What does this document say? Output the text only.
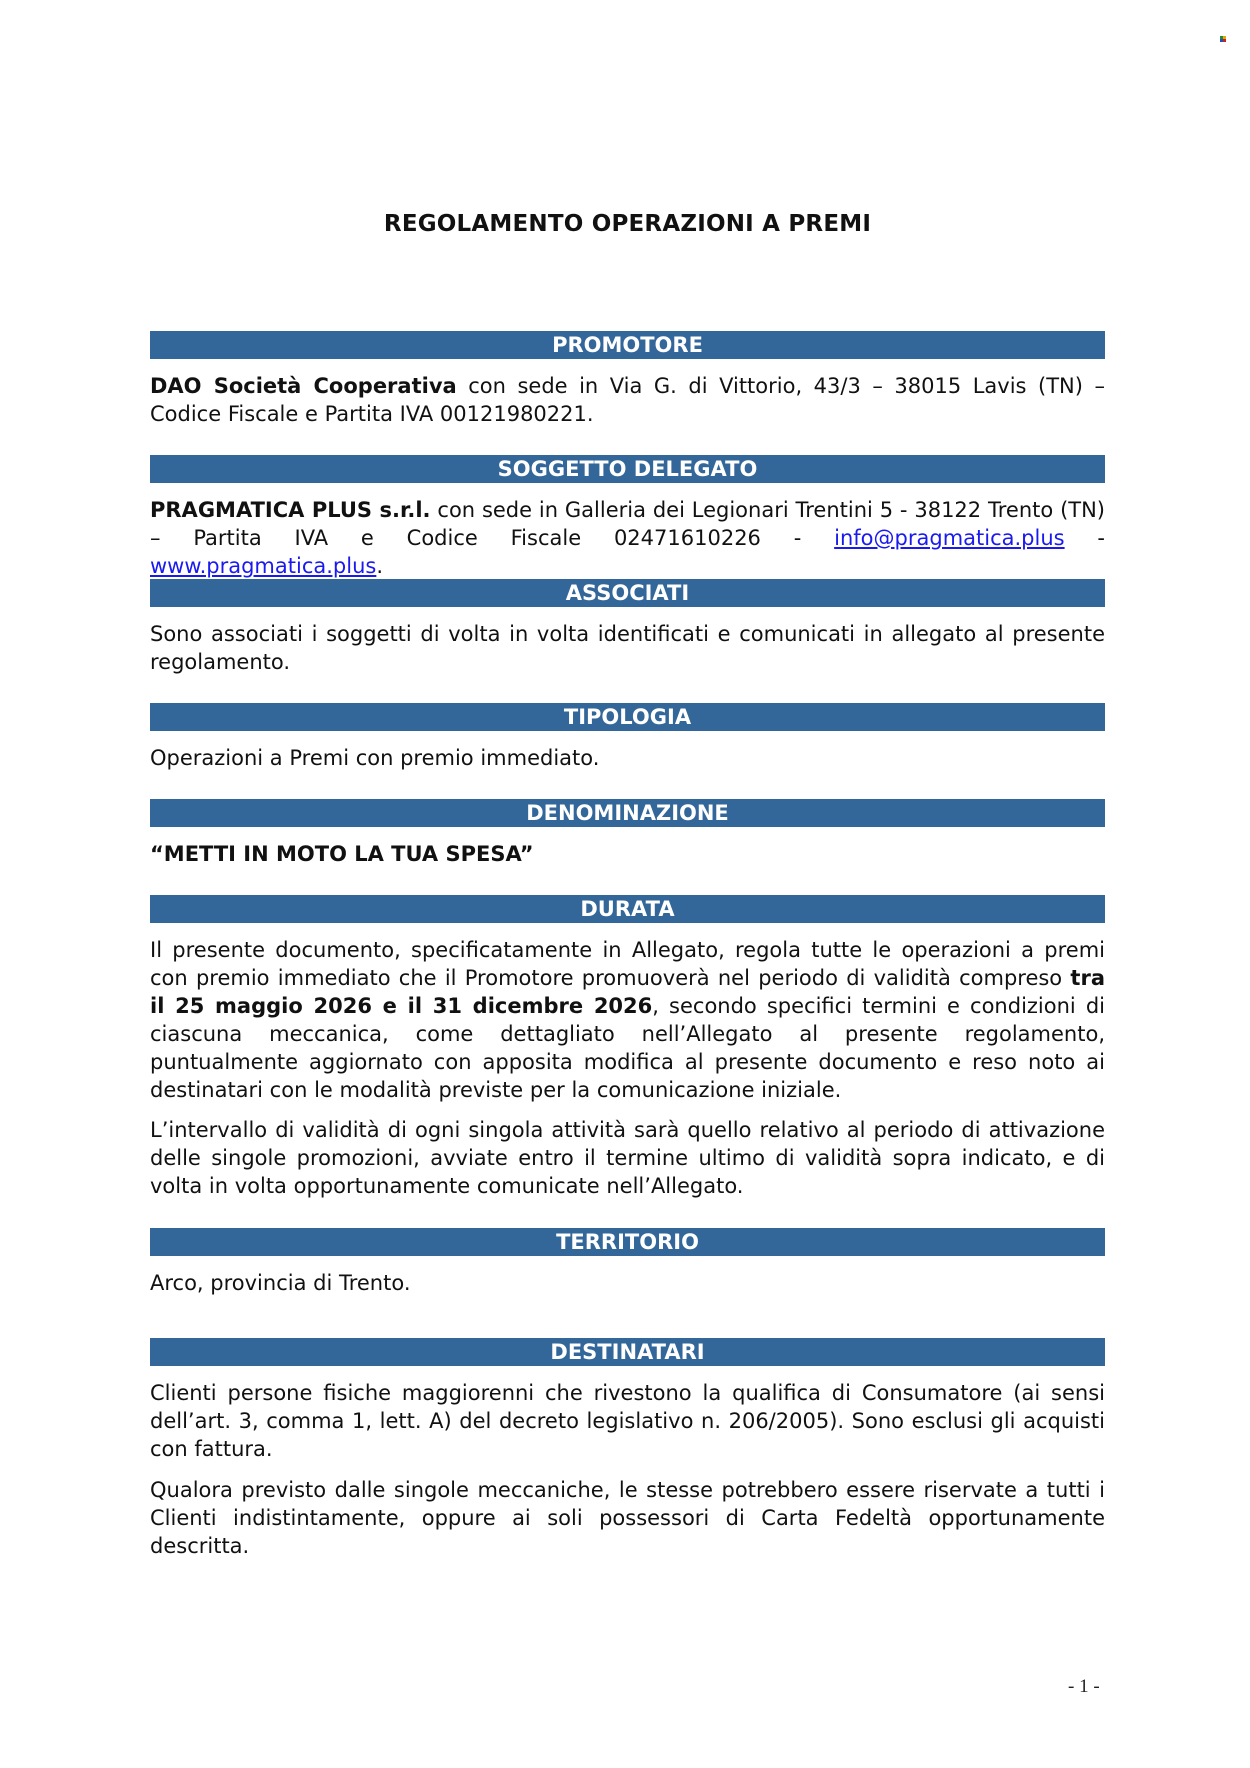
REGOLAMENTO OPERAZIONI A PREMI
PROMOTORE

DAO Società Cooperativa con sede in Via G. di Vittorio, 43/3 – 38015 Lavis (TN) – Codice Fiscale e Partita IVA 00121980221.

SOGGETTO DELEGATO

PRAGMATICA PLUS s.r.l. con sede in Galleria dei Legionari Trentini 5 - 38122 Trento (TN) – Partita IVA e Codice Fiscale 02471610226 - info@pragmatica.plus - www.pragmatica.plus.

ASSOCIATI

Sono associati i soggetti di volta in volta identificati e comunicati in allegato al presente regolamento.

TIPOLOGIA

Operazioni a Premi con premio immediato.

DENOMINAZIONE

“METTI IN MOTO LA TUA SPESA”

DURATA

Il presente documento, specificatamente in Allegato, regola tutte le operazioni a premi con premio immediato che il Promotore promuoverà nel periodo di validità compreso tra il 25 maggio 2026 e il 31 dicembre 2026, secondo specifici termini e condizioni di ciascuna meccanica, come dettagliato nell’Allegato al presente regolamento, puntualmente aggiornato con apposita modifica al presente documento e reso noto ai destinatari con le modalità previste per la comunicazione iniziale.

L’intervallo di validità di ogni singola attività sarà quello relativo al periodo di attivazione delle singole promozioni, avviate entro il termine ultimo di validità sopra indicato, e di volta in volta opportunamente comunicate nell’Allegato.

TERRITORIO

Arco, provincia di Trento.

DESTINATARI

Clienti persone fisiche maggiorenni che rivestono la qualifica di Consumatore (ai sensi dell’art. 3, comma 1, lett. A) del decreto legislativo n. 206/2005). Sono esclusi gli acquisti con fattura.

Qualora previsto dalle singole meccaniche, le stesse potrebbero essere riservate a tutti i Clienti indistintamente, oppure ai soli possessori di Carta Fedeltà opportunamente descritta.

- 1 -
